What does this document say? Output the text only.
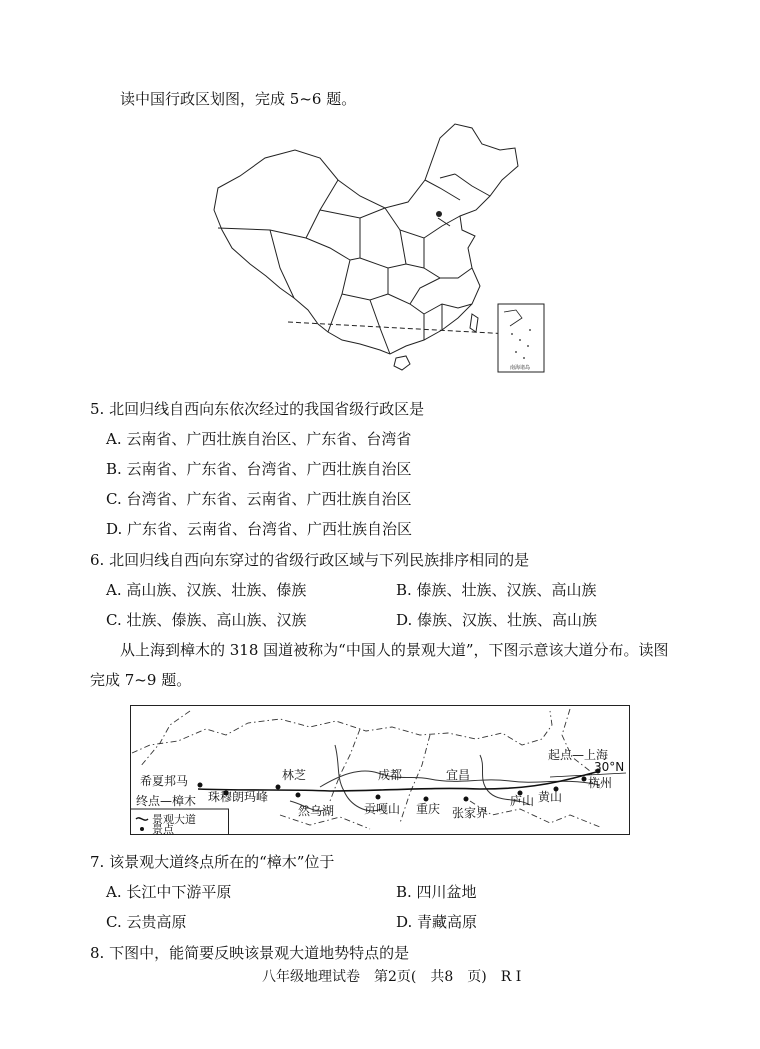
读中国行政区划图，完成 5~6 题。
南海诸岛
5. 北回归线自西向东依次经过的我国省级行政区是
A. 云南省、广西壮族自治区、广东省、台湾省
B. 云南省、广东省、台湾省、广西壮族自治区
C. 台湾省、广东省、云南省、广西壮族自治区
D. 广东省、云南省、台湾省、广西壮族自治区
6. 北回归线自西向东穿过的省级行政区域与下列民族排序相同的是
A. 高山族、汉族、壮族、傣族	B. 傣族、壮族、汉族、高山族
C. 壮族、傣族、高山族、汉族	D. 傣族、汉族、壮族、高山族
从上海到樟木的 318 国道被称为“中国人的景观大道”，下图示意该大道分布。读图
完成 7~9 题。
起点—上海
30°N
杭州
黄山
庐山
宜昌
成都
重庆 张家界
贡嘎山
林芝
然乌湖
珠穆朗玛峰
希夏邦马
终点—樟木
景观大道
景点
7. 该景观大道终点所在的“樟木”位于
A. 长江中下游平原	B. 四川盆地
C. 云贵高原	D. 青藏高原
8. 下图中，能简要反映该景观大道地势特点的是
八年级地理试卷　第2页(　共8　页)　R I
